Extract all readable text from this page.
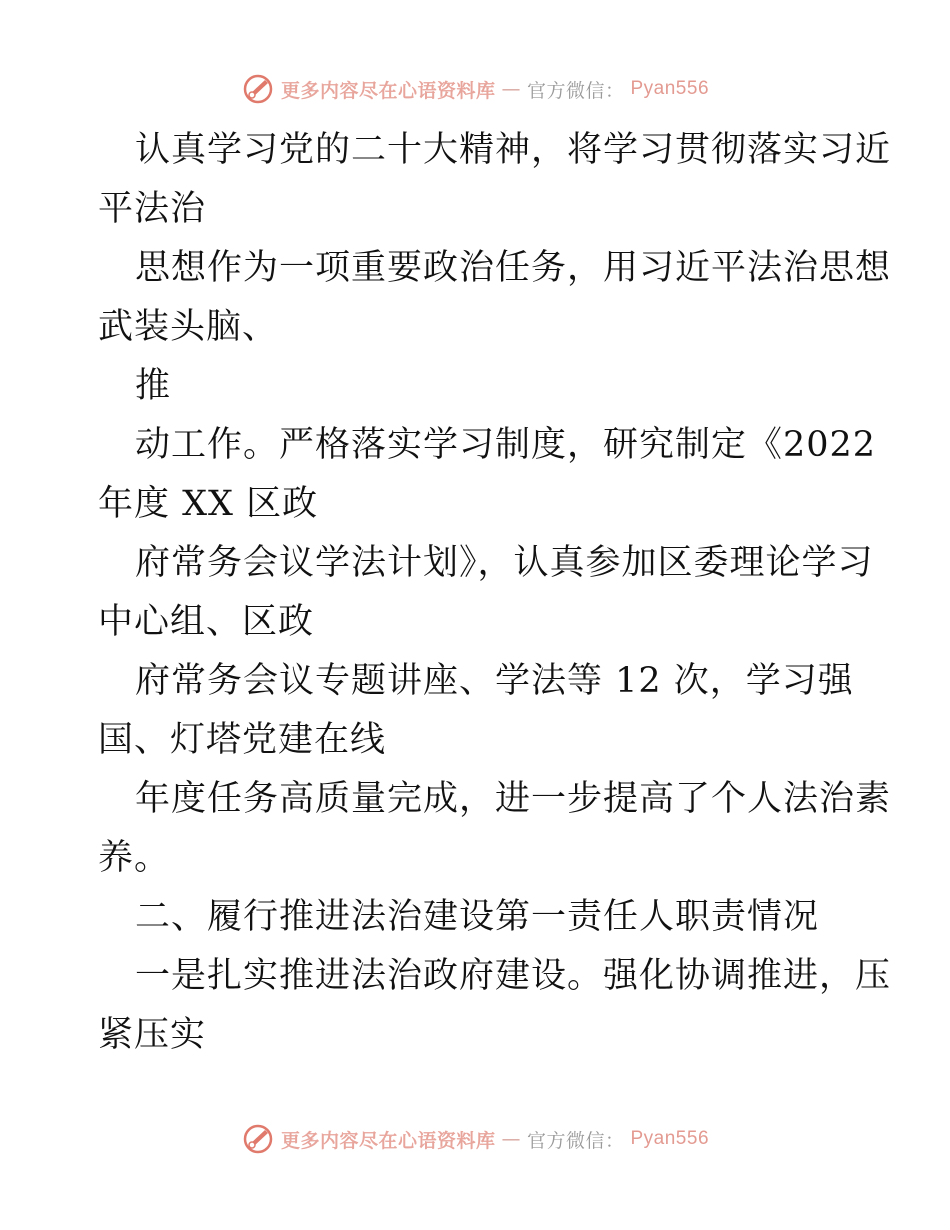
更多内容尽在心语资料库 — 官方微信： Pyan556
认真学习党的二十大精神，将学习贯彻落实习近
平法治
思想作为一项重要政治任务，用习近平法治思想
武装头脑、
推
动工作。严格落实学习制度，研究制定《2022
年度 XX 区政
府常务会议学法计划》，认真参加区委理论学习
中心组、区政
府常务会议专题讲座、学法等 12 次，学习强
国、灯塔党建在线
年度任务高质量完成，进一步提高了个人法治素
养。
二、履行推进法治建设第一责任人职责情况
一是扎实推进法治政府建设。强化协调推进，压
紧压实
更多内容尽在心语资料库 — 官方微信： Pyan556
